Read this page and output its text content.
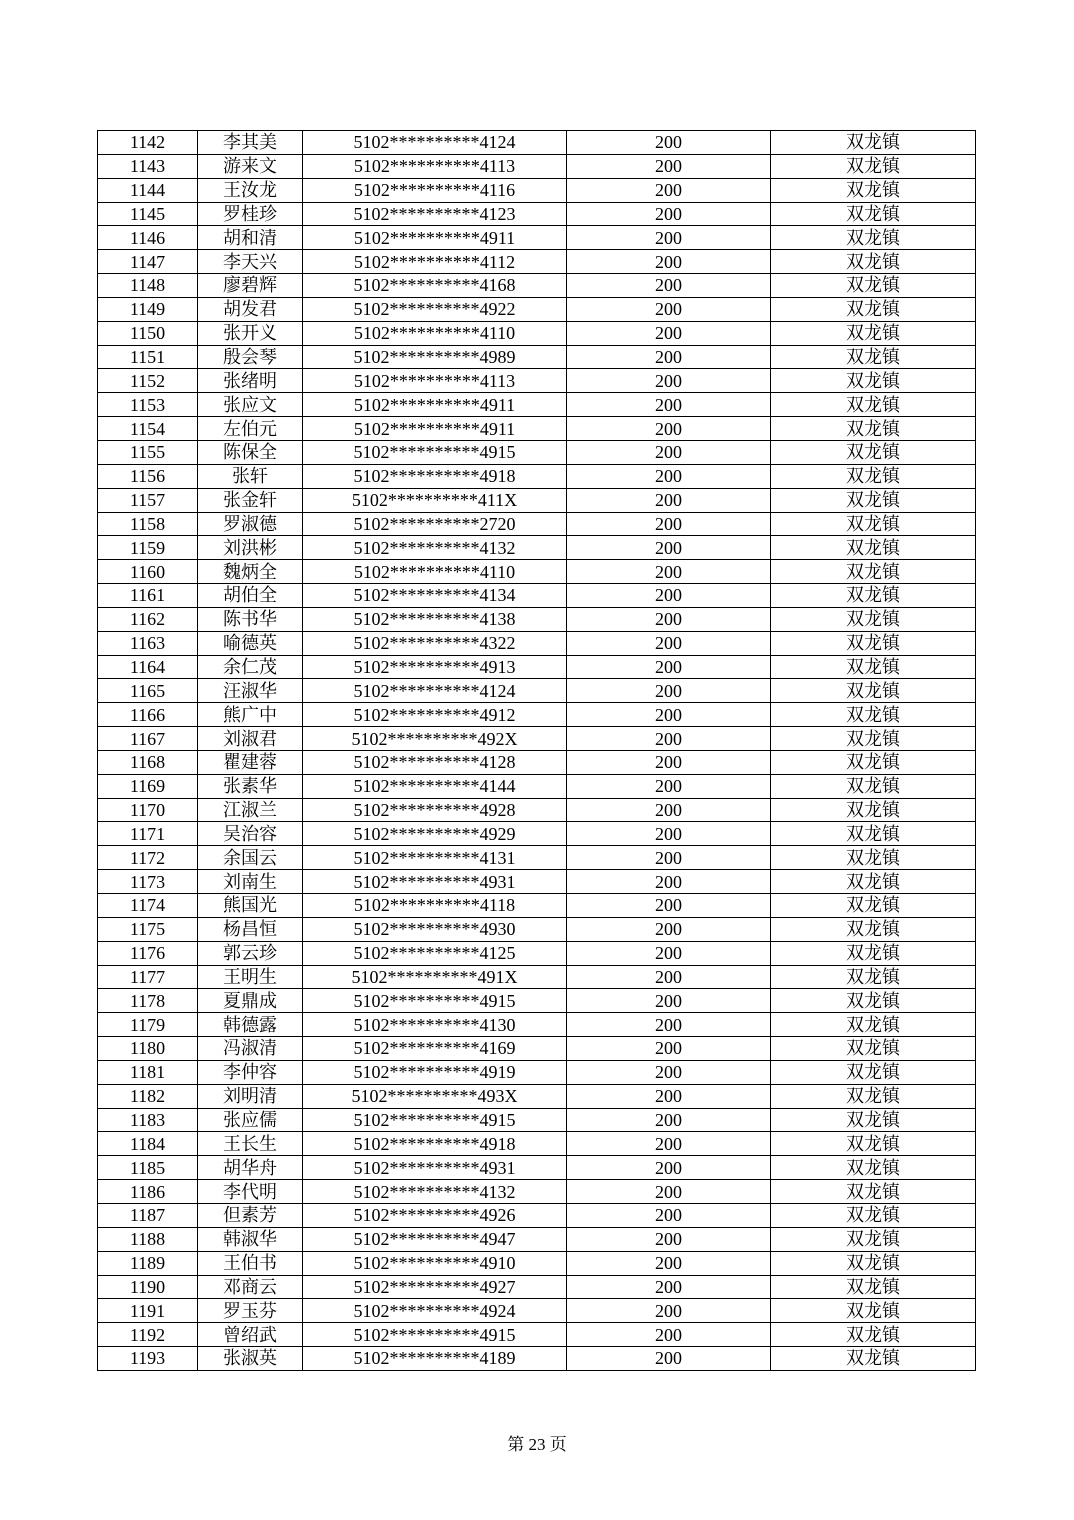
1142	李其美	5102**********4124	200	双龙镇
1143	游来文	5102**********4113	200	双龙镇
1144	王汝龙	5102**********4116	200	双龙镇
1145	罗桂珍	5102**********4123	200	双龙镇
1146	胡和清	5102**********4911	200	双龙镇
1147	李天兴	5102**********4112	200	双龙镇
1148	廖碧辉	5102**********4168	200	双龙镇
1149	胡发君	5102**********4922	200	双龙镇
1150	张开义	5102**********4110	200	双龙镇
1151	殷会琴	5102**********4989	200	双龙镇
1152	张绪明	5102**********4113	200	双龙镇
1153	张应文	5102**********4911	200	双龙镇
1154	左伯元	5102**********4911	200	双龙镇
1155	陈保全	5102**********4915	200	双龙镇
1156	张轩	5102**********4918	200	双龙镇
1157	张金轩	5102**********411X	200	双龙镇
1158	罗淑德	5102**********2720	200	双龙镇
1159	刘洪彬	5102**********4132	200	双龙镇
1160	魏炳全	5102**********4110	200	双龙镇
1161	胡伯全	5102**********4134	200	双龙镇
1162	陈书华	5102**********4138	200	双龙镇
1163	喻德英	5102**********4322	200	双龙镇
1164	余仁茂	5102**********4913	200	双龙镇
1165	汪淑华	5102**********4124	200	双龙镇
1166	熊广中	5102**********4912	200	双龙镇
1167	刘淑君	5102**********492X	200	双龙镇
1168	瞿建蓉	5102**********4128	200	双龙镇
1169	张素华	5102**********4144	200	双龙镇
1170	江淑兰	5102**********4928	200	双龙镇
1171	吴治容	5102**********4929	200	双龙镇
1172	余国云	5102**********4131	200	双龙镇
1173	刘南生	5102**********4931	200	双龙镇
1174	熊国光	5102**********4118	200	双龙镇
1175	杨昌恒	5102**********4930	200	双龙镇
1176	郭云珍	5102**********4125	200	双龙镇
1177	王明生	5102**********491X	200	双龙镇
1178	夏鼎成	5102**********4915	200	双龙镇
1179	韩德露	5102**********4130	200	双龙镇
1180	冯淑清	5102**********4169	200	双龙镇
1181	李仲容	5102**********4919	200	双龙镇
1182	刘明清	5102**********493X	200	双龙镇
1183	张应儒	5102**********4915	200	双龙镇
1184	王长生	5102**********4918	200	双龙镇
1185	胡华舟	5102**********4931	200	双龙镇
1186	李代明	5102**********4132	200	双龙镇
1187	但素芳	5102**********4926	200	双龙镇
1188	韩淑华	5102**********4947	200	双龙镇
1189	王伯书	5102**********4910	200	双龙镇
1190	邓商云	5102**********4927	200	双龙镇
1191	罗玉芬	5102**********4924	200	双龙镇
1192	曾绍武	5102**********4915	200	双龙镇
1193	张淑英	5102**********4189	200	双龙镇
第 23 页
